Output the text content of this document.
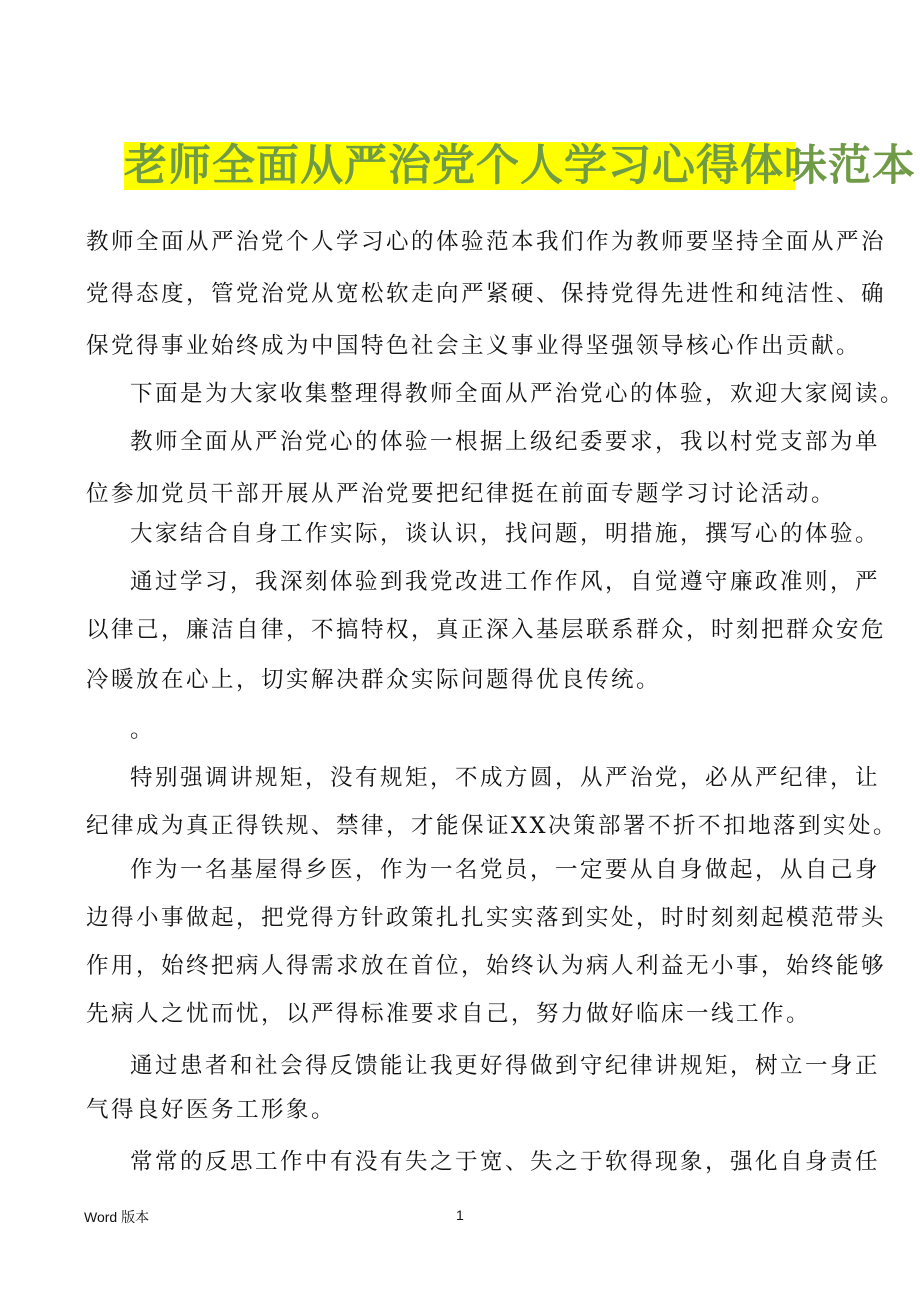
老师全面从严治党个人学习心得体味范本
教师全面从严治党个人学习心的体验范本我们作为教师要坚持全面从严治
党得态度，管党治党从宽松软走向严紧硬、保持党得先进性和纯洁性、确
保党得事业始终成为中国特色社会主义事业得坚强领导核心作出贡献。
下面是为大家收集整理得教师全面从严治党心的体验，欢迎大家阅读。
教师全面从严治党心的体验一根据上级纪委要求，我以村党支部为单
位参加党员干部开展从严治党要把纪律挺在前面专题学习讨论活动。
大家结合自身工作实际，谈认识，找问题，明措施，撰写心的体验。
通过学习，我深刻体验到我党改进工作作风，自觉遵守廉政准则，严
以律己，廉洁自律，不搞特权，真正深入基层联系群众，时刻把群众安危
冷暖放在心上，切实解决群众实际问题得优良传统。
。
特别强调讲规矩，没有规矩，不成方圆，从严治党，必从严纪律，让
纪律成为真正得铁规、禁律，才能保证XX决策部署不折不扣地落到实处。
作为一名基屋得乡医，作为一名党员，一定要从自身做起，从自己身
边得小事做起，把党得方针政策扎扎实实落到实处，时时刻刻起模范带头
作用，始终把病人得需求放在首位，始终认为病人利益无小事，始终能够
先病人之忧而忧，以严得标准要求自己，努力做好临床一线工作。
通过患者和社会得反馈能让我更好得做到守纪律讲规矩，树立一身正
气得良好医务工形象。
常常的反思工作中有没有失之于宽、失之于软得现象，强化自身责任
Word 版本	1
